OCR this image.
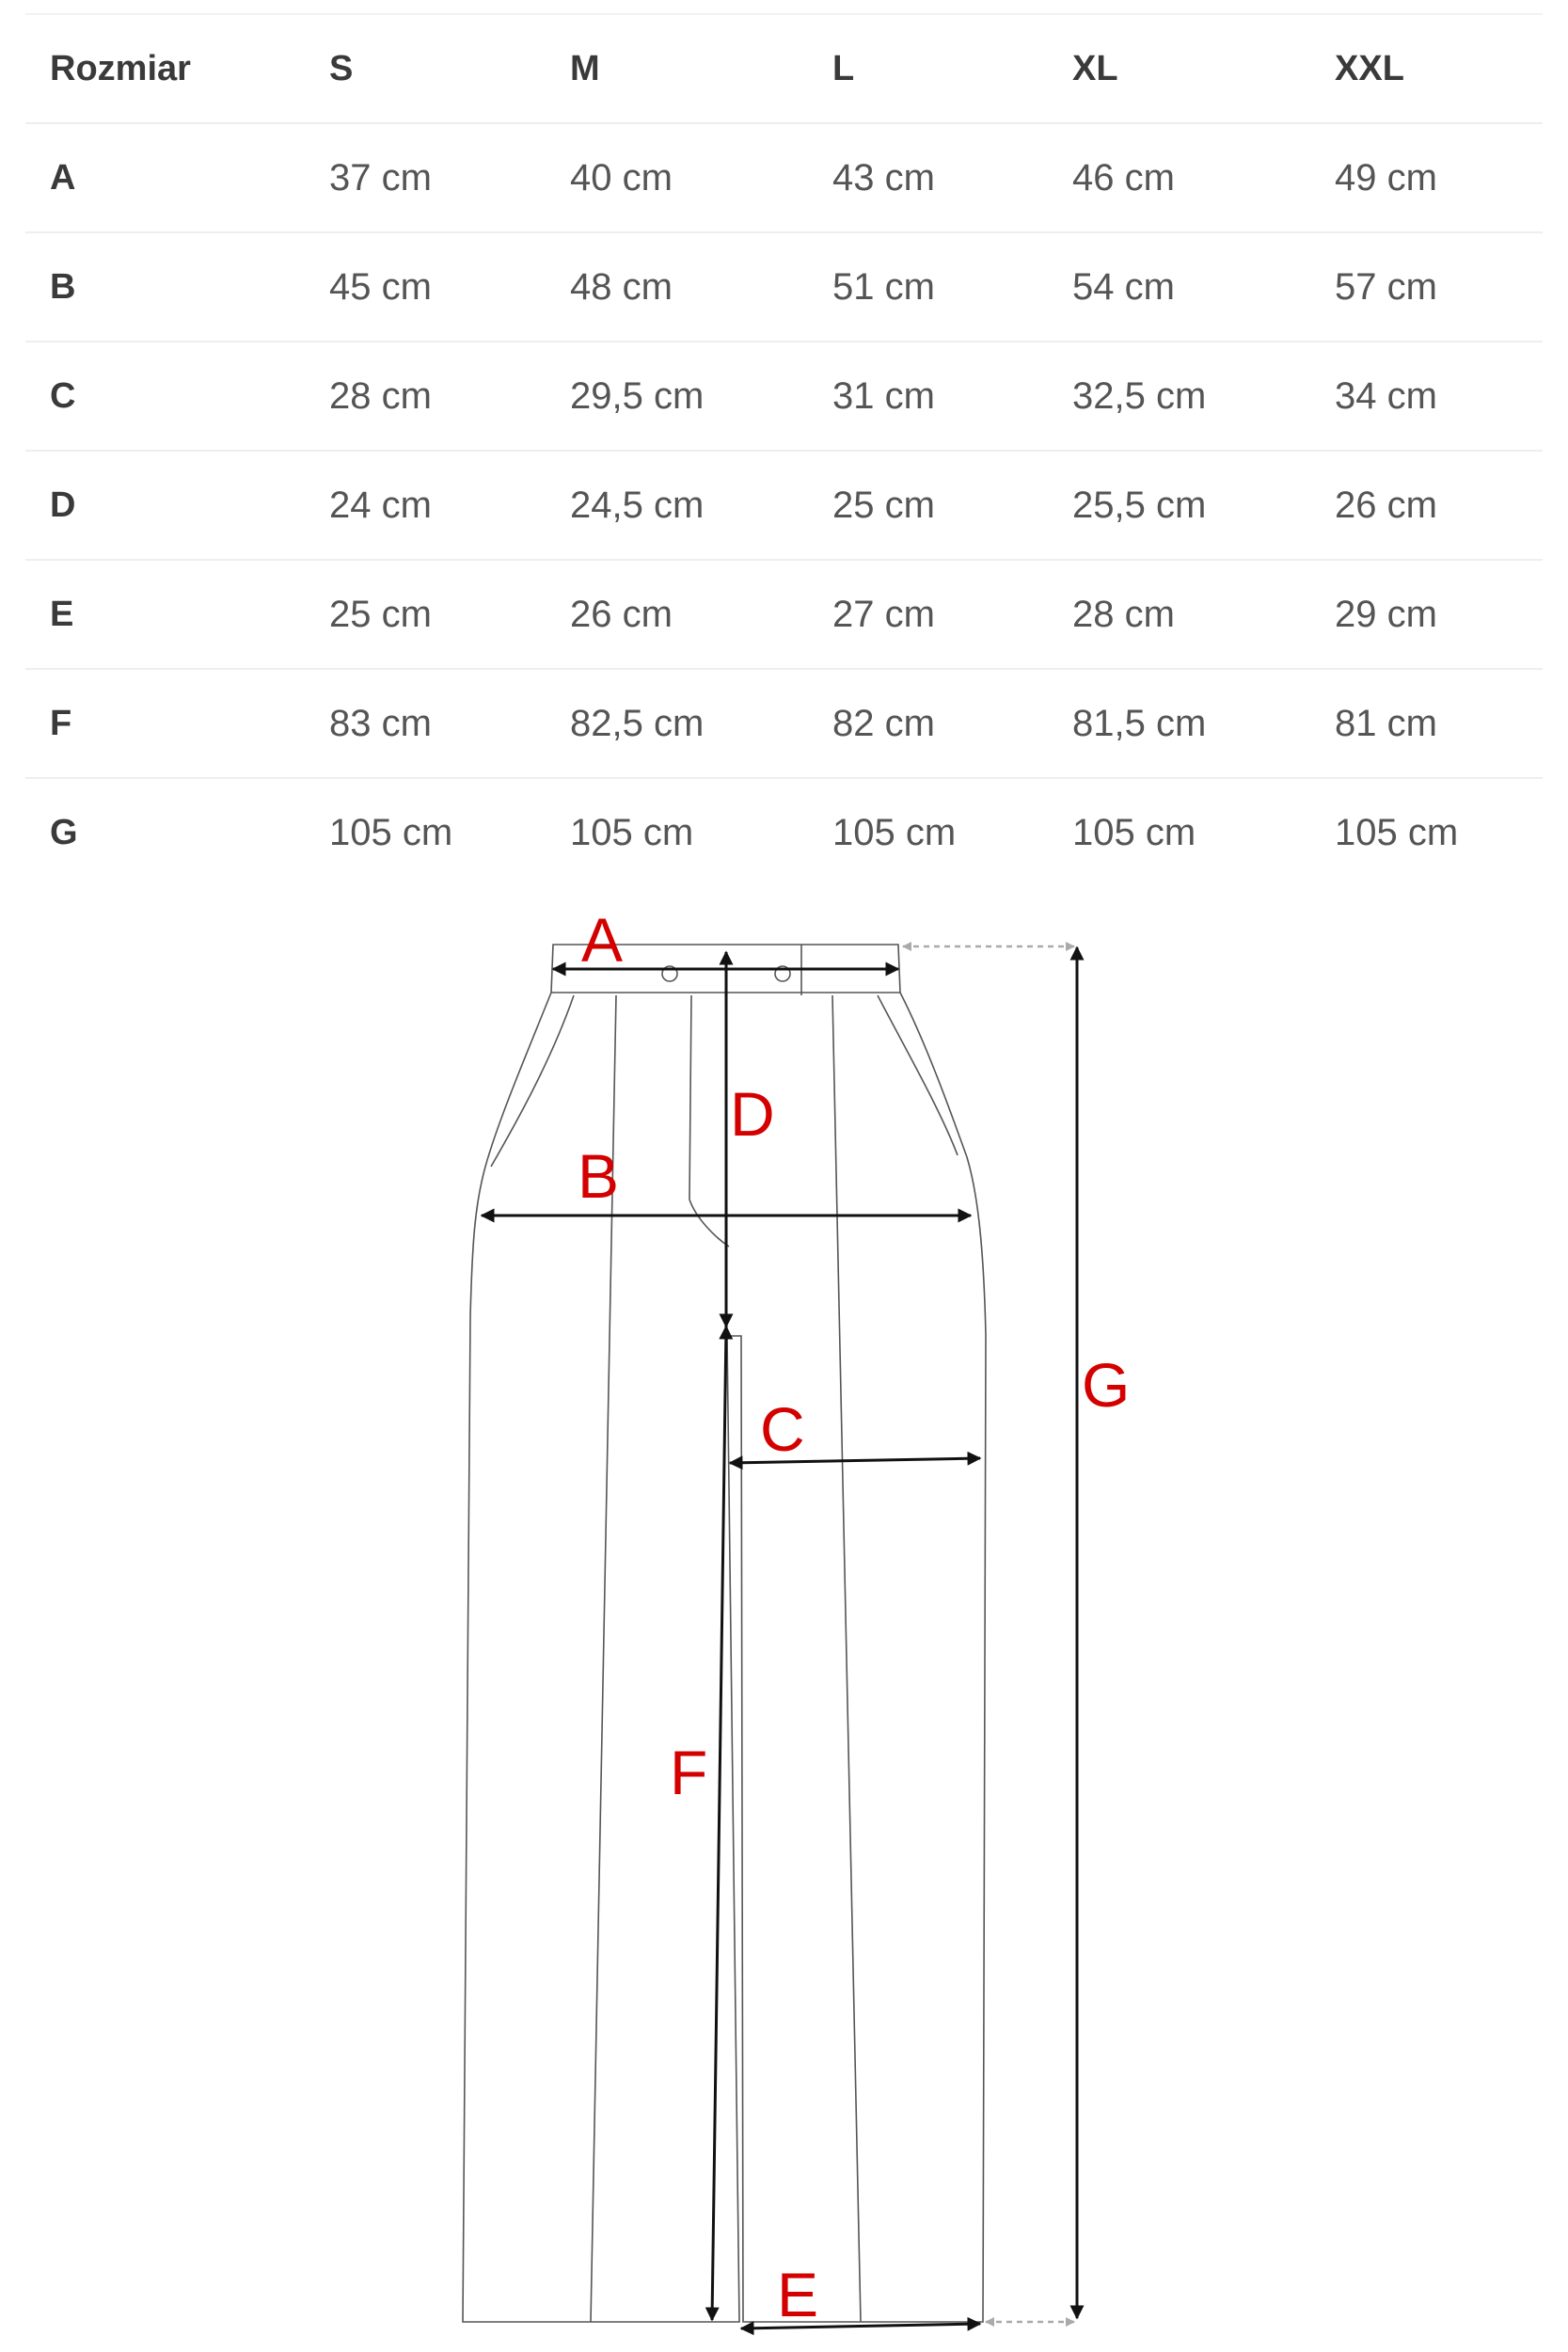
Rozmiar	S	M	L	XL	XXL
A	37 cm	40 cm	43 cm	46 cm	49 cm
B	45 cm	48 cm	51 cm	54 cm	57 cm
C	28 cm	29,5 cm	31 cm	32,5 cm	34 cm
D	24 cm	24,5 cm	25 cm	25,5 cm	26 cm
E	25 cm	26 cm	27 cm	28 cm	29 cm
F	83 cm	82,5 cm	82 cm	81,5 cm	81 cm
G	105 cm	105 cm	105 cm	105 cm	105 cm
A
B
C
D
E
F
G
